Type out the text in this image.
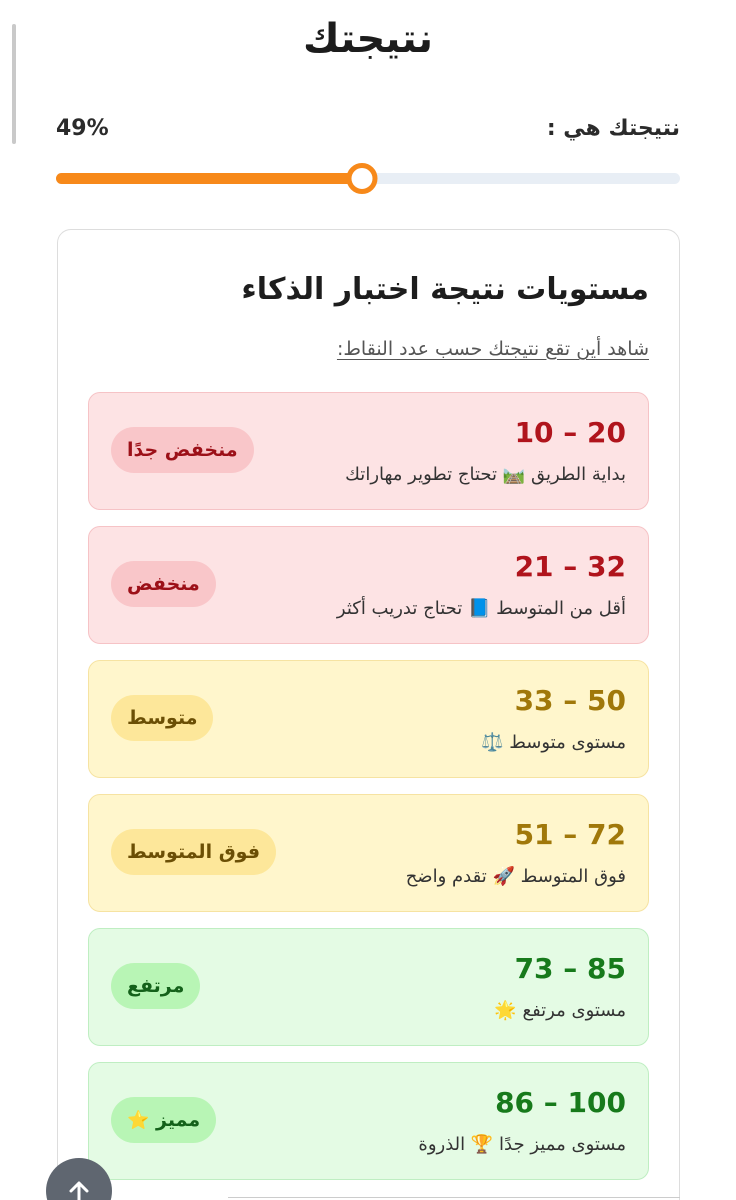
نتيجتك
نتيجتك هي :
49%
مستويات نتيجة اختبار الذكاء
شاهد أين تقع نتيجتك حسب عدد النقاط:
10 – 20
بداية الطريق 🛤️ تحتاج تطوير مهاراتك
منخفض جدًا
21 – 32
أقل من المتوسط 📘 تحتاج تدريب أكثر
منخفض
33 – 50
مستوى متوسط ⚖️
متوسط
51 – 72
فوق المتوسط 🚀 تقدم واضح
فوق المتوسط
73 – 85
مستوى مرتفع 🌟
مرتفع
86 – 100
مستوى مميز جدًا 🏆 الذروة
مميز ⭐
